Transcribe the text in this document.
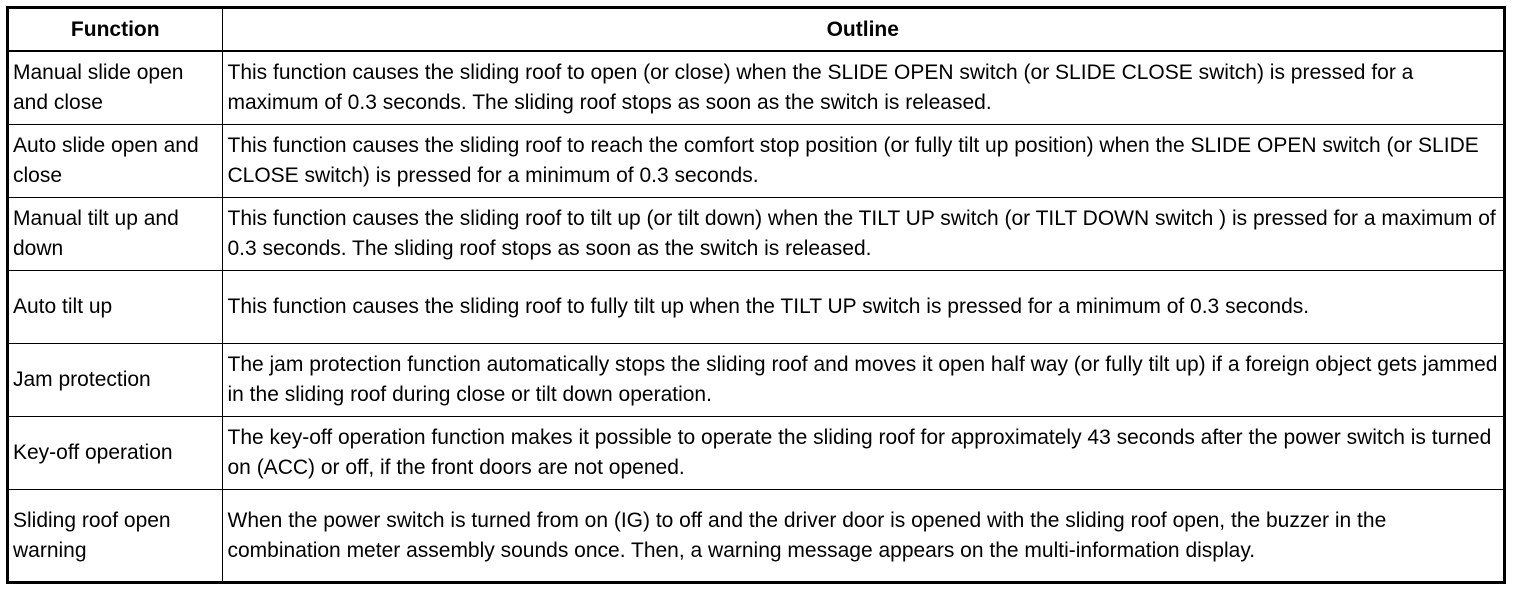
Function	Outline
Manual slide open and close	This function causes the sliding roof to open (or close) when the SLIDE OPEN switch (or SLIDE CLOSE switch) is pressed for a maximum of 0.3 seconds. The sliding roof stops as soon as the switch is released.
Auto slide open and close	This function causes the sliding roof to reach the comfort stop position (or fully tilt up position) when the SLIDE OPEN switch (or SLIDE CLOSE switch) is pressed for a minimum of 0.3 seconds.
Manual tilt up and down	This function causes the sliding roof to tilt up (or tilt down) when the TILT UP switch (or TILT DOWN switch ) is pressed for a maximum of 0.3 seconds. The sliding roof stops as soon as the switch is released.
Auto tilt up	This function causes the sliding roof to fully tilt up when the TILT UP switch is pressed for a minimum of 0.3 seconds.
Jam protection	The jam protection function automatically stops the sliding roof and moves it open half way (or fully tilt up) if a foreign object gets jammed in the sliding roof during close or tilt down operation.
Key-off operation	The key-off operation function makes it possible to operate the sliding roof for approximately 43 seconds after the power switch is turned on (ACC) or off, if the front doors are not opened.
Sliding roof open warning	When the power switch is turned from on (IG) to off and the driver door is opened with the sliding roof open, the buzzer in the combination meter assembly sounds once. Then, a warning message appears on the multi-information display.
